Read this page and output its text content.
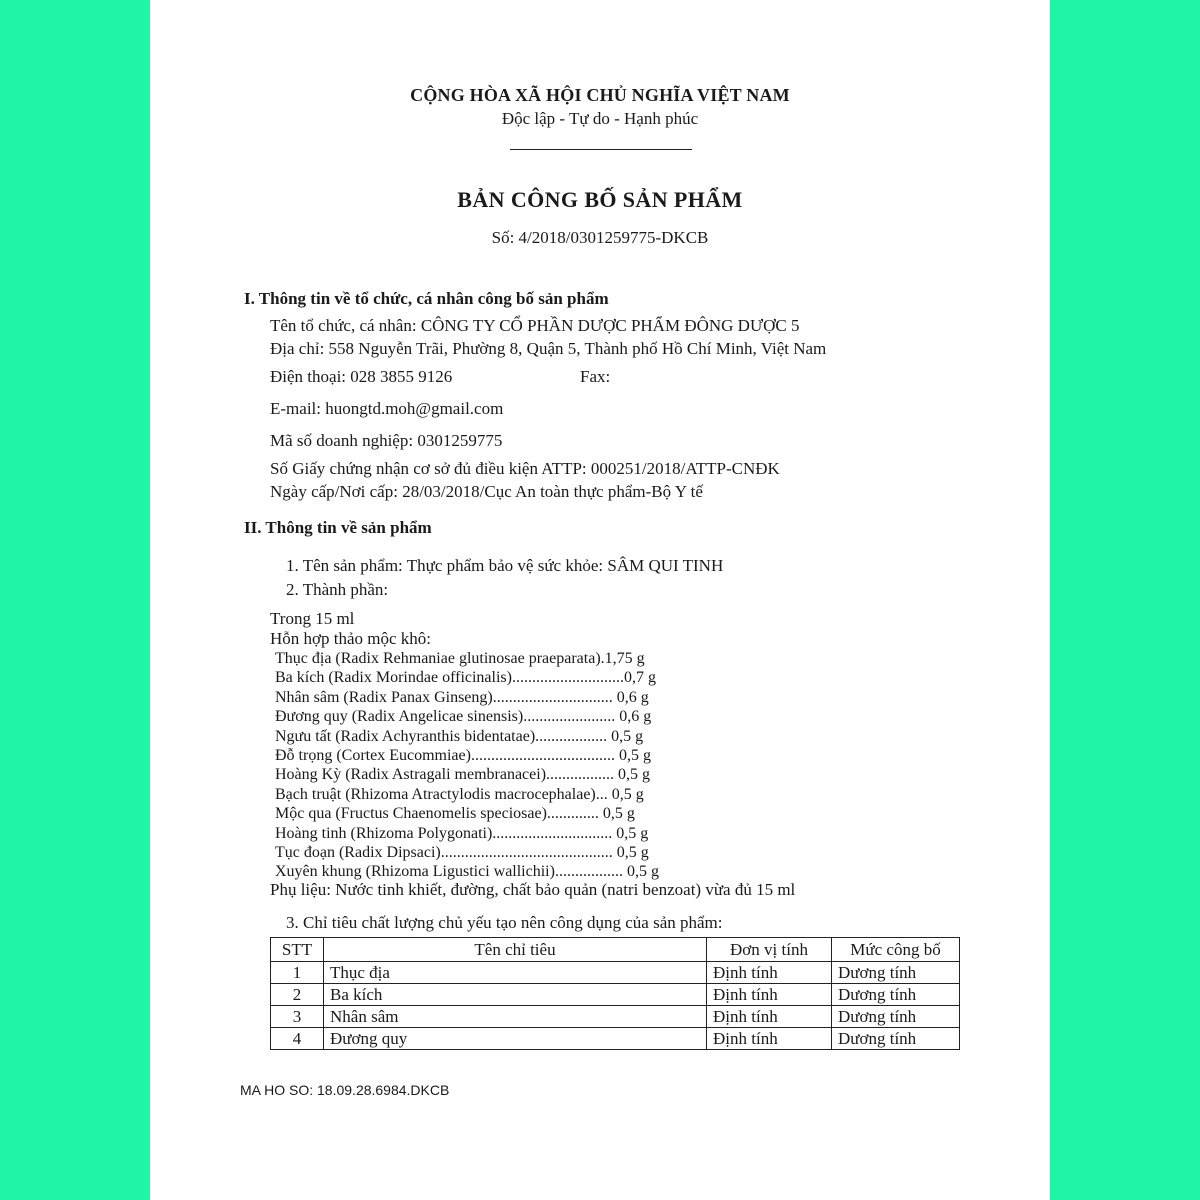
CỘNG HÒA XÃ HỘI CHỦ NGHĨA VIỆT NAM
Độc lập - Tự do - Hạnh phúc
BẢN CÔNG BỐ SẢN PHẨM
Số: 4/2018/0301259775-DKCB
I. Thông tin về tổ chức, cá nhân công bố sản phẩm
Tên tổ chức, cá nhân: CÔNG TY CỔ PHẦN DƯỢC PHẨM ĐÔNG DƯỢC 5
Địa chỉ: 558 Nguyễn Trãi, Phường 8, Quận 5, Thành phố Hồ Chí Minh, Việt Nam
Điện thoại: 028 3855 9126	Fax:
E-mail: huongtd.moh@gmail.com
Mã số doanh nghiệp: 0301259775
Số Giấy chứng nhận cơ sở đủ điều kiện ATTP: 000251/2018/ATTP-CNĐK
Ngày cấp/Nơi cấp: 28/03/2018/Cục An toàn thực phẩm-Bộ Y tế
II. Thông tin về sản phẩm
1. Tên sản phẩm: Thực phẩm bảo vệ sức khỏe: SÂM QUI TINH
2. Thành phần:
Trong 15 ml
Hỗn hợp thảo mộc khô:
Thục địa (Radix Rehmaniae glutinosae praeparata).1,75 g
Ba kích (Radix Morindae officinalis)............................0,7 g
Nhân sâm (Radix Panax Ginseng).............................. 0,6 g
Đương quy (Radix Angelicae sinensis)....................... 0,6 g
Ngưu tất (Radix Achyranthis bidentatae).................. 0,5 g
Đỗ trọng (Cortex Eucommiae).................................... 0,5 g
Hoàng Kỳ (Radix Astragali membranacei)................. 0,5 g
Bạch truật (Rhizoma Atractylodis macrocephalae)... 0,5 g
Mộc qua (Fructus Chaenomelis speciosae)............. 0,5 g
Hoàng tinh (Rhizoma Polygonati).............................. 0,5 g
Tục đoạn (Radix Dipsaci)........................................... 0,5 g
Xuyên khung (Rhizoma Ligustici wallichii)................. 0,5 g
Phụ liệu: Nước tinh khiết, đường, chất bảo quản (natri benzoat) vừa đủ 15 ml
3. Chỉ tiêu chất lượng chủ yếu tạo nên công dụng của sản phẩm:
STT	Tên chỉ tiêu	Đơn vị tính	Mức công bố
1	Thục địa	Định tính	Dương tính
2	Ba kích	Định tính	Dương tính
3	Nhân sâm	Định tính	Dương tính
4	Đương quy	Định tính	Dương tính
MA HO SO: 18.09.28.6984.DKCB
